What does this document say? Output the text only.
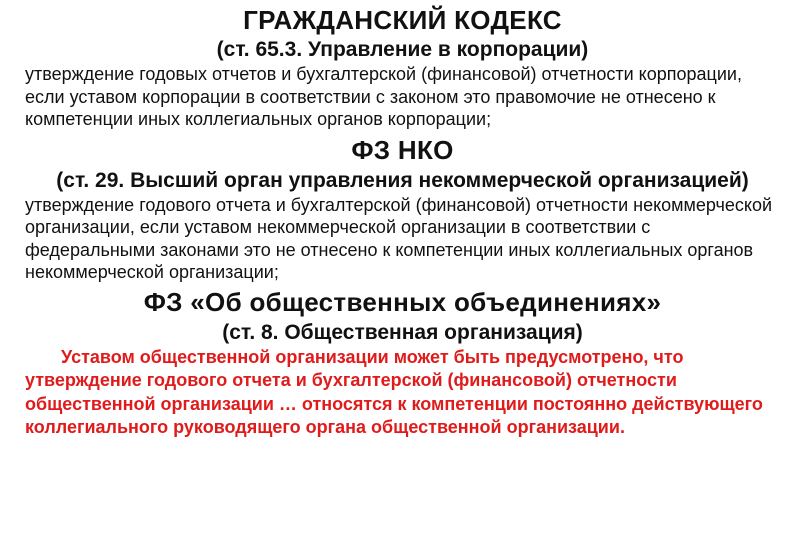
ГРАЖДАНСКИЙ КОДЕКС
(ст. 65.3. Управление в корпорации)

утверждение годовых отчетов и бухгалтерской (финансовой) отчетности корпорации, если уставом корпорации в соответствии с законом это правомочие не отнесено к компетенции иных коллегиальных органов корпорации;

ФЗ НКО
(ст. 29. Высший орган управления некоммерческой организацией)

утверждение годового отчета и бухгалтерской (финансовой) отчетности некоммерческой организации, если уставом некоммерческой организации в соответствии с федеральными законами это не отнесено к компетенции иных коллегиальных органов некоммерческой организации;

ФЗ «Об общественных объединениях»
(ст. 8. Общественная организация)

Уставом общественной организации может быть предусмотрено, что утверждение годового отчета и бухгалтерской (финансовой) отчетности общественной организации … относятся к компетенции постоянно действующего коллегиального руководящего органа общественной организации.
